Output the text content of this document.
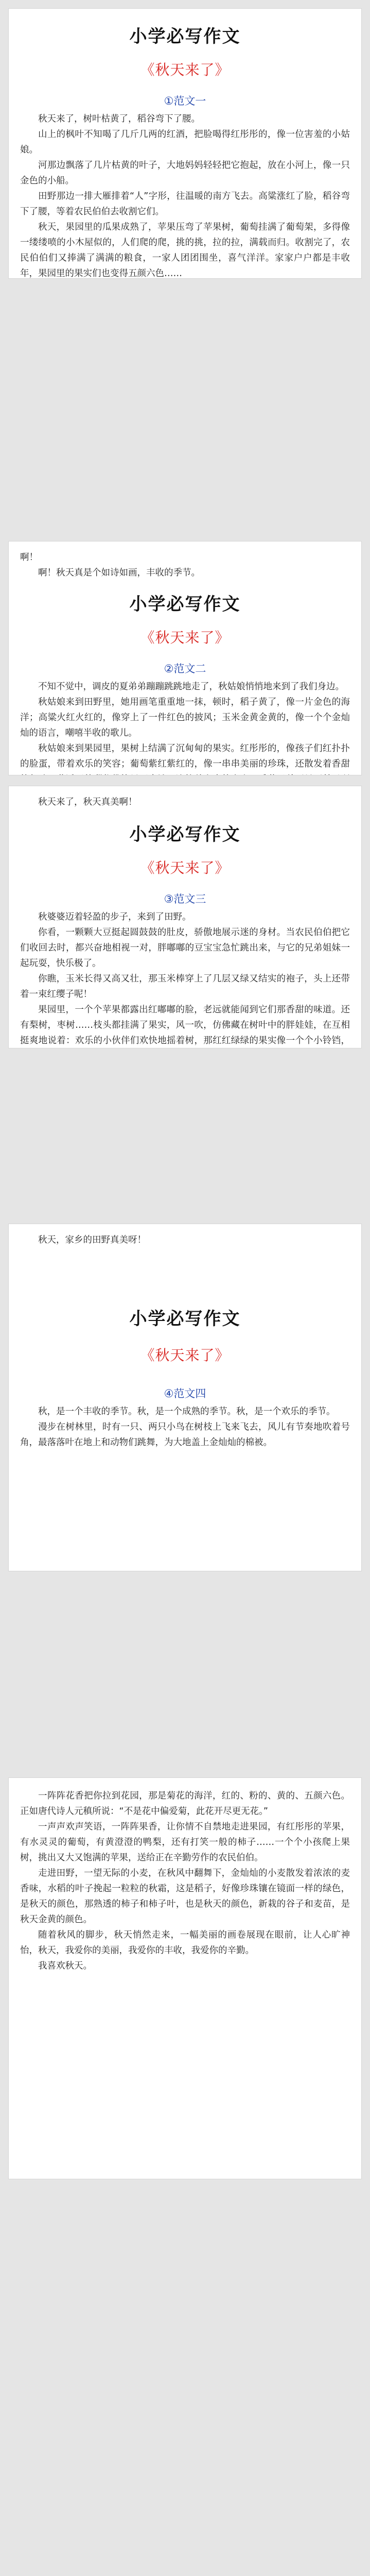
小学必写作文
《秋天来了》
①范文一

秋天来了，树叶枯黄了，稻谷弯下了腰。

山上的枫叶不知喝了几斤几两的红酒，把脸喝得红彤彤的，像一位害羞的小姑娘。

河那边飘落了几片枯黄的叶子，大地妈妈轻轻把它抱起，放在小河上，像一只金色的小船。

田野那边一排大雁排着“人”字形，往温暖的南方飞去。高粱涨红了脸，稻谷弯下了腰，等着农民伯伯去收割它们。

秋天，果园里的瓜果成熟了，苹果压弯了苹果树，葡萄挂满了葡萄架，多得像一缕缕喷的小木屋似的，人们爬的爬，挑的挑，拉的拉，满载而归。收割完了，农民伯伯们又捧满了满满的粮食，一家人团团围坐，喜气洋洋。家家户户都是丰收年，果园里的果实们也变得五颜六色……

啊！

啊！秋天真是个如诗如画，丰收的季节。

小学必写作文
《秋天来了》
②范文二

不知不觉中，调皮的夏弟弟蹦蹦跳跳地走了，秋姑娘悄悄地来到了我们身边。

秋姑娘来到田野里，她用画笔重重地一抹，顿时，稻子黄了，像一片金色的海洋；高粱火红火红的，像穿上了一件红色的披风；玉米金黄金黄的，像一个个金灿灿的语言，嘲嘻半收的歌儿。

秋姑娘来到果园里，果树上结满了沉甸甸的果实。红彤彤的，像孩子们红扑扑的脸蛋，带着欢乐的笑容；葡萄紫红紫红的，像一串串美丽的珍珠，还散发着香甜

秋天来了，秋天真美啊！

小学必写作文
《秋天来了》
③范文三

秋婆婆迈着轻盈的步子，来到了田野。

你看，一颗颗大豆挺起圆鼓鼓的肚皮，骄傲地展示迷的身材。当农民伯伯把它们收回去时，都兴奋地相视一对，胖嘟嘟的豆宝宝急忙跳出来，与它的兄弟姐妹一起玩耍，快乐极了。

你瞧，玉米长得又高又壮，那玉米棒穿上了几层又绿又结实的袍子，头上还带着一束红缨子呢！

果园里，一个个苹果都露出红嘟嘟的脸，老远就能闻到它们那香甜的味道。还有梨树，枣树……枝头都挂满了果实，风一吹，仿佛藏在树叶中的胖娃娃，在互相挺爽地说着：欢乐的小伙伴们欢快地摇着树，那红红绿绿的果实像一个个小铃铛，

秋天，家乡的田野真美呀！

小学必写作文
《秋天来了》
④范文四

秋，是一个丰收的季节。秋，是一个成熟的季节。秋，是一个欢乐的季节。

漫步在树林里，时有一只、两只小鸟在树枝上飞来飞去，风儿有节奏地吹着号角，最落落叶在地上和动物们跳舞，为大地盖上金灿灿的棉被。

一阵阵花香把你拉到花园，那是菊花的海洋，红的、粉的、黄的、五颜六色。正如唐代诗人元稹所说：“不是花中偏爱菊，此花开尽更无花。”

一声声欢声笑语，一阵阵果香，让你情不自禁地走进果园，有红彤彤的苹果，有水灵灵的葡萄，有黄澄澄的鸭梨，还有打笑一般的柿子……一个个小孩爬上果树，挑出又大又饱满的苹果，送给正在辛勤劳作的农民伯伯。

走进田野，一望无际的小麦，在秋风中翻舞下，金灿灿的小麦散发着浓浓的麦香味，水稻的叶子挽起一粒粒的秋霜，这是稻子，好像珍珠镶在镜面一样的绿色，是秋天的颜色，那熟透的柿子和柿子叶，也是秋天的颜色，新栽的谷子和麦苗，是秋天金黄的颜色。

随着秋风的脚步，秋天悄然走来，一幅美丽的画卷展现在眼前，让人心旷神怡，秋天，我爱你的美丽，我爱你的丰收，我爱你的辛勤。

我喜欢秋天。
